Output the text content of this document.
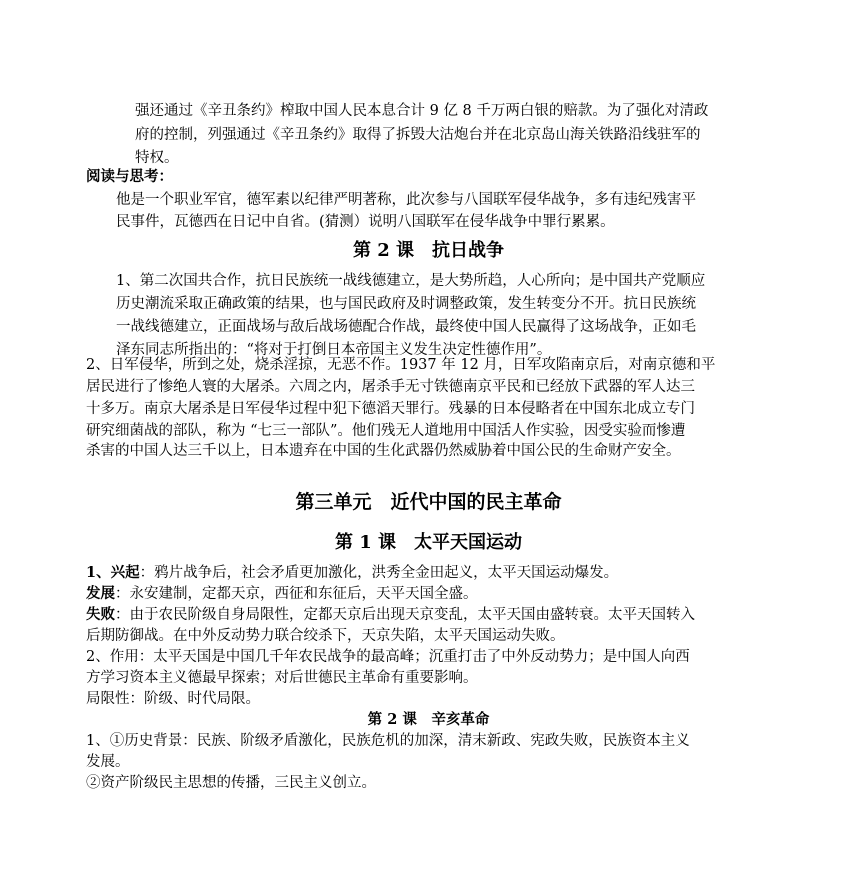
强还通过《辛丑条约》榨取中国人民本息合计 9 亿 8 千万两白银的赔款。为了强化对清政
府的控制，列强通过《辛丑条约》取得了拆毁大沽炮台并在北京岛山海关铁路沿线驻军的
特权。
阅读与思考：
他是一个职业军官，德军素以纪律严明著称，此次参与八国联军侵华战争，多有违纪残害平
民事件，瓦德西在日记中自省。(猜测）说明八国联军在侵华战争中罪行累累。
第 2 课　抗日战争
1、第二次国共合作，抗日民族统一战线德建立，是大势所趋，人心所向；是中国共产党顺应
历史潮流采取正确政策的结果，也与国民政府及时调整政策，发生转变分不开。抗日民族统
一战线德建立，正面战场与敌后战场德配合作战，最终使中国人民赢得了这场战争，正如毛
泽东同志所指出的：“将对于打倒日本帝国主义发生决定性德作用”。
2、日军侵华，所到之处，烧杀淫掠，无恶不作。1937 年 12 月，日军攻陷南京后，对南京德和平
居民进行了惨绝人寰的大屠杀。六周之内，屠杀手无寸铁德南京平民和已经放下武器的军人达三
十多万。南京大屠杀是日军侵华过程中犯下德滔天罪行。残暴的日本侵略者在中国东北成立专门
研究细菌战的部队，称为 “七三一部队”。他们残无人道地用中国活人作实验，因受实验而惨遭
杀害的中国人达三千以上，日本遗弃在中国的生化武器仍然威胁着中国公民的生命财产安全。
第三单元　近代中国的民主革命
第 1 课　太平天国运动
1、兴起：鸦片战争后，社会矛盾更加激化，洪秀全金田起义，太平天国运动爆发。
发展：永安建制，定都天京，西征和东征后，天平天国全盛。
失败：由于农民阶级自身局限性，定都天京后出现天京变乱，太平天国由盛转衰。太平天国转入
后期防御战。在中外反动势力联合绞杀下，天京失陷，太平天国运动失败。
2、作用：太平天国是中国几千年农民战争的最高峰；沉重打击了中外反动势力；是中国人向西
方学习资本主义德最早探索；对后世德民主革命有重要影响。
局限性：阶级、时代局限。
第 2 课　辛亥革命
1、①历史背景：民族、阶级矛盾激化，民族危机的加深，清末新政、宪政失败，民族资本主义
发展。
②资产阶级民主思想的传播，三民主义创立。
